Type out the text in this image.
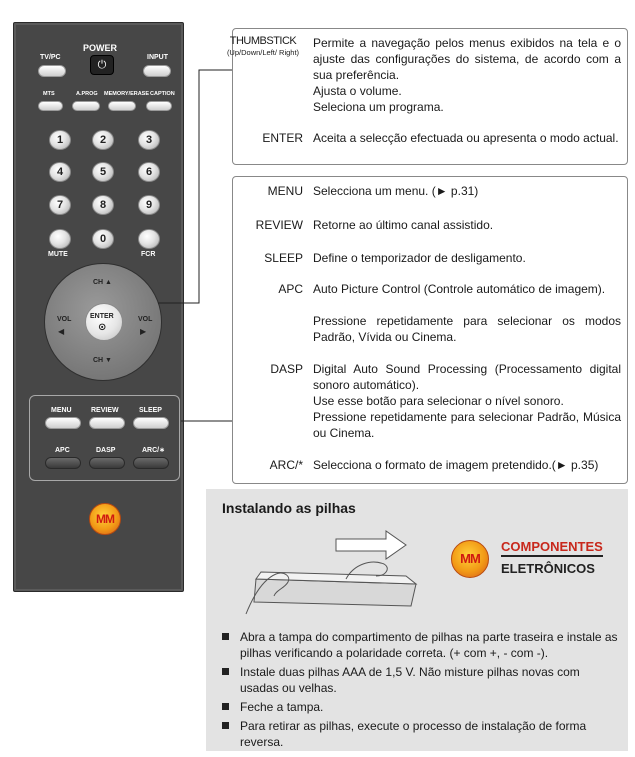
POWER
⏻
TV/PC	INPUT
MTS	A.PROG MEMORY/ERASE CAPTION
1	2	3
4	5	6
7	8	9
MUTE
0
FCR
CH ▲
CH ▼
VOL
◀
VOL
▶
ENTER
⊙
MENU	REVIEW	SLEEP
APC	DASP	ARC/∗
MM
THUMBSTICK
(Up/Down/Left/ Right)
Permite a navegação pelos menus exibidos na tela e o ajuste das configurações do sistema, de acordo com a sua preferência.
Ajusta o volume.
Seleciona um programa.
ENTER Aceita a selecção efectuada ou apresenta o modo actual.
MENU Selecciona um menu. (► p.31)
REVIEW Retorne ao último canal assistido.
SLEEP Define o temporizador de desligamento.
APC Auto Picture Control (Controle automático de imagem).
Pressione repetidamente para selecionar os modos Padrão, Vívida ou Cinema.
DASP Digital Auto Sound Processing (Processamento digital sonoro automático).
Use esse botão para selecionar o nível sonoro.
Pressione repetidamente para selecionar Padrão, Música ou Cinema.
ARC/* Selecciona o formato de imagem pretendido.(► p.35)
Instalando as pilhas
MM
COMPONENTES
ELETRÔNICOS
Abra a tampa do compartimento de pilhas na parte traseira e instale as pilhas verificando a polaridade correta. (+ com +, - com -).
Instale duas pilhas AAA de 1,5 V. Não misture pilhas novas com usadas ou velhas.
Feche a tampa.
Para retirar as pilhas, execute o processo de instalação de forma reversa.
